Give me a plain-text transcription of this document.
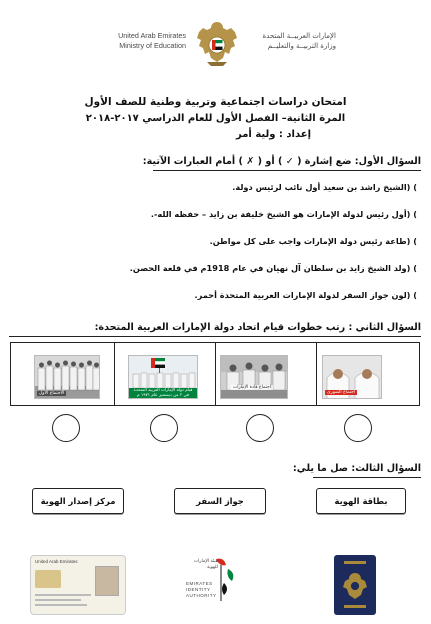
United Arab Emirates
Ministry of Education
الإمارات العربيــة المتحدة
وزارة التربيــة والتعليــم
امتحان دراسات اجتماعية وتربية وطنية للصف الأول
المرة الثانية– الفصل الأول للعام الدراسي ٢٠١٧-٢٠١٨
إعداد : ولية أمر
السؤال الأول: ضع إشارة ( ✓ ) أو ( ✗ ) أمام العبارات الآتية:
) (الشيخ راشد بن سعيد أول نائب لرئيس دولة.
) (أول رئيس لدولة الإمارات هو الشيخ خليفة بن زايد – حفظه الله-.
) (طاعة رئيس دولة الإمارات واجب على كل مواطن.
) (ولد الشيخ زايد بن سلطان آل نهيان في عام 1918م في قلعة الحصن.
) (لون جواز السفر لدولة الإمارات العربية المتحدة أحمر.
السؤال الثاني : رتب خطوات قيام اتحاد دولة الإمارات العربية المتحدة:
الاجتماع الأول
قيام دولة الإمارات العربية المتحدة في ٢ من ديسمبر عام ١٩٧١ م
اجتماع قادة الإمارات
اجتماع الشورى
السؤال الثالث: صل ما يلي:
بطاقة الهوية
جواز السفر
مركز إصدار الهوية
United Arab Emirates	هيئة الإمارات للهوية
EMIRATES
IDENTITY
AUTHORITY
